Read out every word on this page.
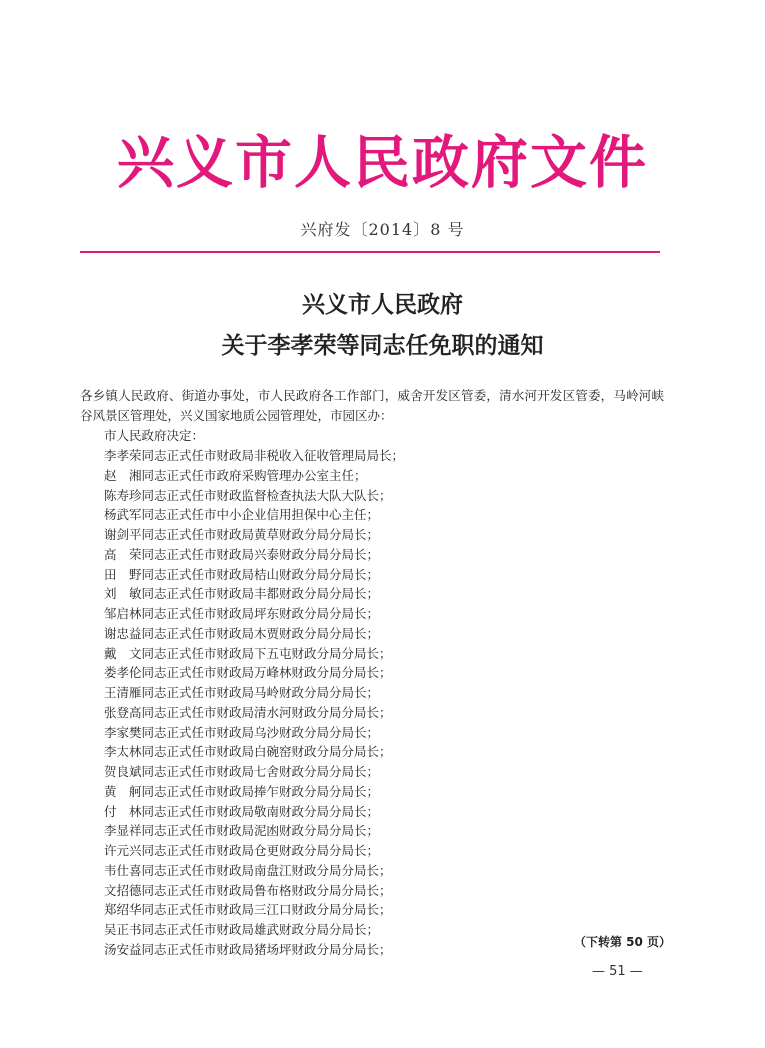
兴义市人民政府文件
兴府发〔2014〕8 号
兴义市人民政府
关于李孝荣等同志任免职的通知
各乡镇人民政府、街道办事处，市人民政府各工作部门，威舍开发区管委，清水河开发区管委，马岭河峡谷风景区管理处，兴义国家地质公园管理处，市园区办：
市人民政府决定：
李孝荣同志正式任市财政局非税收入征收管理局局长；
赵　湘同志正式任市政府采购管理办公室主任；
陈寿珍同志正式任市财政监督检查执法大队大队长；
杨武军同志正式任市中小企业信用担保中心主任；
谢剑平同志正式任市财政局黄草财政分局分局长；
高　荣同志正式任市财政局兴泰财政分局分局长；
田　野同志正式任市财政局桔山财政分局分局长；
刘　敏同志正式任市财政局丰都财政分局分局长；
邹启林同志正式任市财政局坪东财政分局分局长；
谢忠益同志正式任市财政局木贾财政分局分局长；
戴　文同志正式任市财政局下五屯财政分局分局长；
娄孝伦同志正式任市财政局万峰林财政分局分局长；
王清雁同志正式任市财政局马岭财政分局分局长；
张登高同志正式任市财政局清水河财政分局分局长；
李家樊同志正式任市财政局乌沙财政分局分局长；
李太林同志正式任市财政局白碗窑财政分局分局长；
贺良斌同志正式任市财政局七舍财政分局分局长；
黄　舸同志正式任市财政局捧乍财政分局分局长；
付　林同志正式任市财政局敬南财政分局分局长；
李显祥同志正式任市财政局泥凼财政分局分局长；
许元兴同志正式任市财政局仓更财政分局分局长；
韦仕喜同志正式任市财政局南盘江财政分局分局长；
文招德同志正式任市财政局鲁布格财政分局分局长；
郑绍华同志正式任市财政局三江口财政分局分局长；
吴正书同志正式任市财政局雄武财政分局分局长；
汤安益同志正式任市财政局猪场坪财政分局分局长；	（下转第 50 页）
— 51 —
